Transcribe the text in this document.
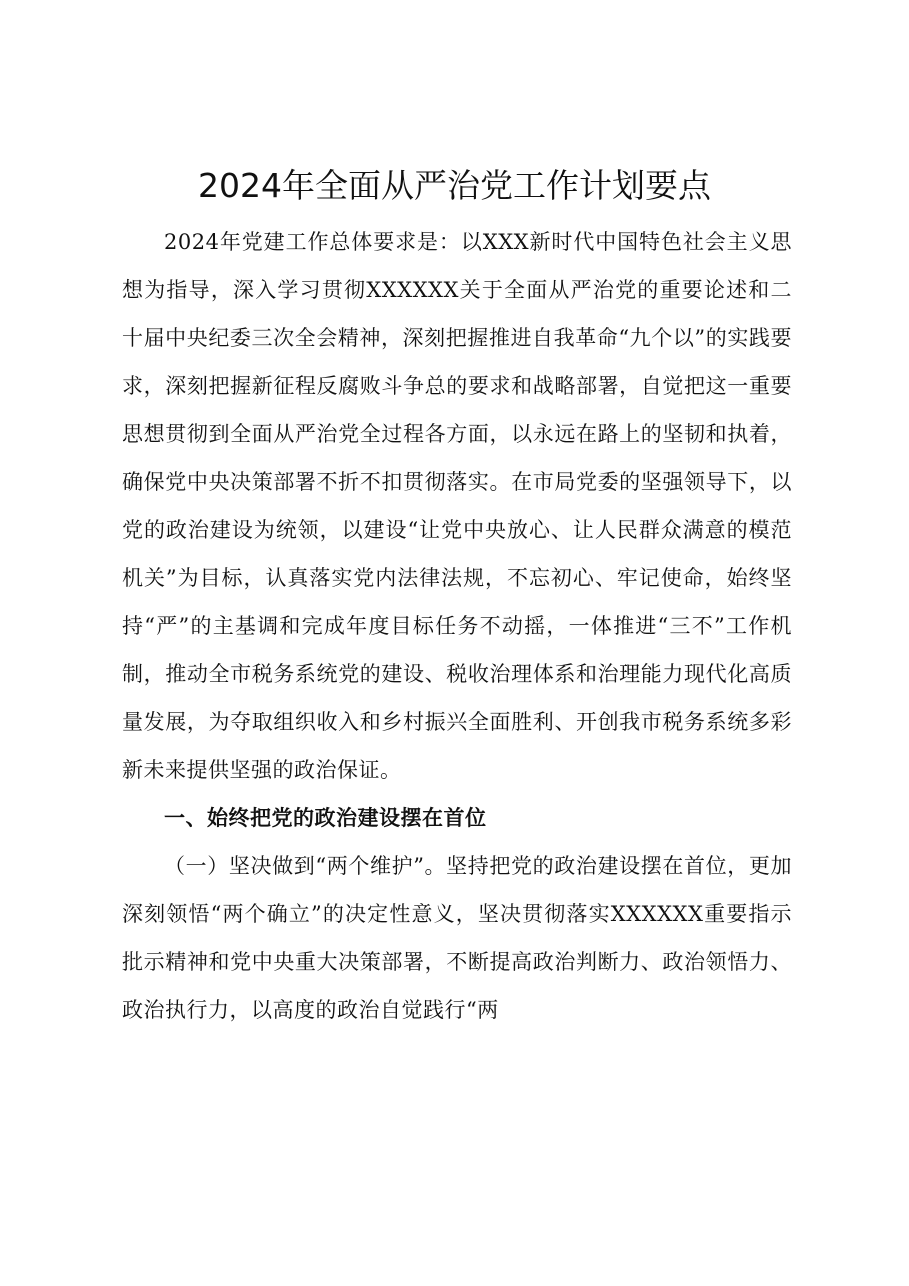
2024年全面从严治党工作计划要点

2024年党建工作总体要求是：以XXX新时代中国特色社会主义思想为指导，深入学习贯彻XXXXXX关于全面从严治党的重要论述和二十届中央纪委三次全会精神，深刻把握推进自我革命“九个以”的实践要求，深刻把握新征程反腐败斗争总的要求和战略部署，自觉把这一重要思想贯彻到全面从严治党全过程各方面，以永远在路上的坚韧和执着，确保党中央决策部署不折不扣贯彻落实。在市局党委的坚强领导下，以党的政治建设为统领，以建设“让党中央放心、让人民群众满意的模范机关”为目标，认真落实党内法律法规，不忘初心、牢记使命，始终坚持“严”的主基调和完成年度目标任务不动摇，一体推进“三不”工作机制，推动全市税务系统党的建设、税收治理体系和治理能力现代化高质量发展，为夺取组织收入和乡村振兴全面胜利、开创我市税务系统多彩新未来提供坚强的政治保证。

一、始终把党的政治建设摆在首位

（一）坚决做到“两个维护”。坚持把党的政治建设摆在首位，更加深刻领悟“两个确立”的决定性意义，坚决贯彻落实XXXXXX重要指示批示精神和党中央重大决策部署，不断提高政治判断力、政治领悟力、政治执行力，以高度的政治自觉践行“两
